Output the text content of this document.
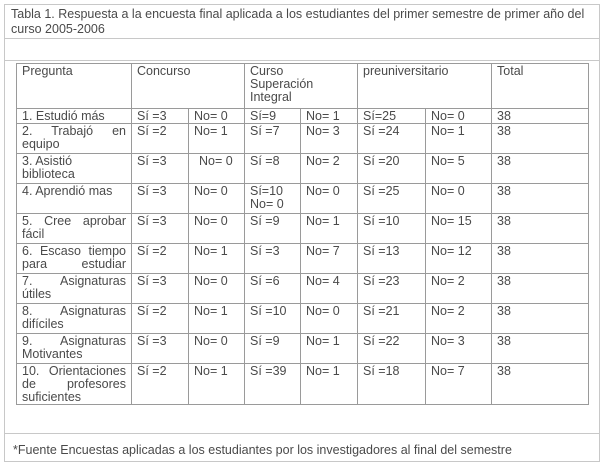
Tabla 1. Respuesta a la encuesta final aplicada a los estudiantes del primer semestre de primer año del curso 2005-2006
Pregunta	Concurso		Curso Superación Integral		preuniversitario		Total
1. Estudió más	Sí =3	No= 0	Sí=9	No= 1	Sí=25	No= 0	38
2. Trabajó en equipo	Sí =2	No= 1	Sí =7	No= 3	Sí =24	No= 1	38
3. Asistió biblioteca	Sí =3	No= 0	Sí =8	No= 2	Sí =20	No= 5	38
4. Aprendió mas	Sí =3	No= 0	Sí=10 No= 0	No= 0	Sí =25	No= 0	38
5. Cree aprobar fácil	Sí =3	No= 0	Sí =9	No= 1	Sí =10	No= 15	38
6. Escaso tiempo para estudiar	Sí =2	No= 1	Sí =3	No= 7	Sí =13	No= 12	38
7. Asignaturas útiles	Sí =3	No= 0	Sí =6	No= 4	Sí =23	No= 2	38
8. Asignaturas difíciles	Sí =2	No= 1	Sí =10	No= 0	Sí =21	No= 2	38
9. Asignaturas Motivantes	Sí =3	No= 0	Sí =9	No= 1	Sí =22	No= 3	38
10. Orientaciones de profesores suficientes	Sí =2	No= 1	Sí =39	No= 1	Sí =18	No= 7	38
*Fuente Encuestas aplicadas a los estudiantes por los investigadores al final del semestre
